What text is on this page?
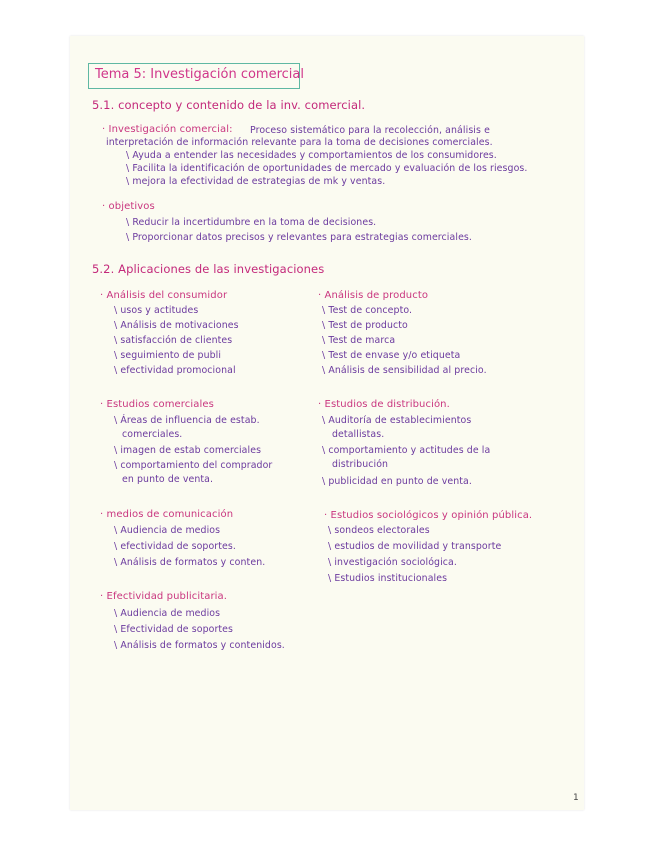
Tema 5: Investigación comercial
5.1. concepto y contenido de la inv. comercial.
· Investigación comercial: Proceso sistemático para la recolección, análisis e
interpretación de información relevante para la toma de decisiones comerciales.
\ Ayuda a entender las necesidades y comportamientos de los consumidores.
\ Facilita la identificación de oportunidades de mercado y evaluación de los riesgos.
\ mejora la efectividad de estrategias de mk y ventas.
· objetivos
\ Reducir la incertidumbre en la toma de decisiones.
\ Proporcionar datos precisos y relevantes para estrategias comerciales.
5.2. Aplicaciones de las investigaciones
· Análisis del consumidor
\ usos y actitudes
\ Análisis de motivaciones
\ satisfacción de clientes
\ seguimiento de publi
\ efectividad promocional
· Análisis de producto
\ Test de concepto.
\ Test de producto
\ Test de marca
\ Test de envase y/o etiqueta
\ Análisis de sensibilidad al precio.
· Estudios comerciales
\ Áreas de influencia de estab.
comerciales.
\ imagen de estab comerciales
\ comportamiento del comprador
en punto de venta.
· Estudios de distribución.
\ Auditoría de establecimientos
detallistas.
\ comportamiento y actitudes de la
distribución
\ publicidad en punto de venta.
· medios de comunicación
\ Audiencia de medios
\ efectividad de soportes.
\ Análisis de formatos y conten.
· Estudios sociológicos y opinión pública.
\ sondeos electorales
\ estudios de movilidad y transporte
\ investigación sociológica.
\ Estudios institucionales
· Efectividad publicitaria.
\ Audiencia de medios
\ Efectividad de soportes
\ Análisis de formatos y contenidos.
1
